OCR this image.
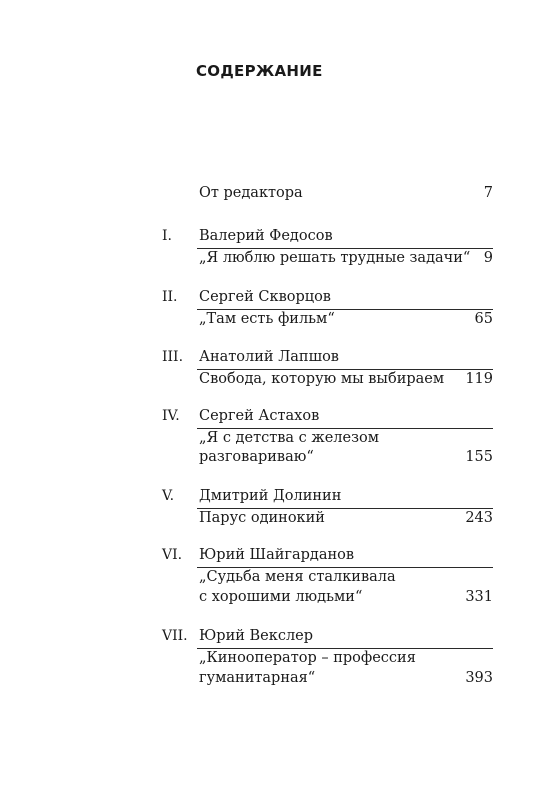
СОДЕРЖАНИЕ
От редактора	7
I. Валерий Федосов
„Я люблю решать трудные задачи“ 9
II. Сергей Скворцов
„Там есть фильм“	65
III. Анатолий Лапшов
Свобода, которую мы выбираем 119
IV. Сергей Астахов
„Я с детства с железом
разговариваю“	155
V. Дмитрий Долинин
Парус одинокий	243
VI. Юрий Шайгарданов
„Судьба меня сталкивала
с хорошими людьми“	331
VII. Юрий Векслер
„Кинооператор – профессия
гуманитарная“	393
